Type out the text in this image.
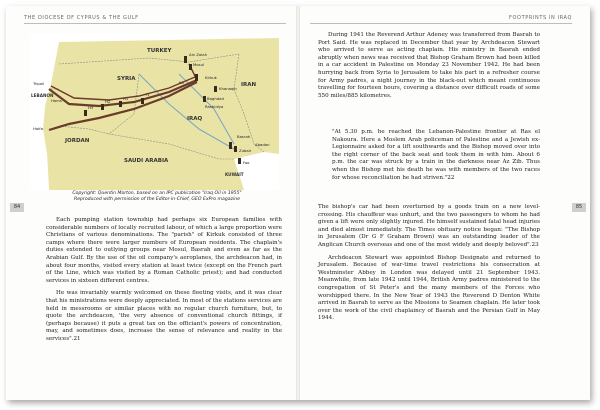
THE DIOCESE OF CYPRUS & THE GULF
TURKEY
SYRIA
LEBANON
IRAQ
IRAN
JORDAN
SAUDI ARABIA
KUWAIT
Kirkuk
Mosul
Ain Zalah
Tripoli
Homs
Haifa
Basrah
Zubair
Fao
Baghdad
Abadan
Khanaqin
Rashidiya
K3
T1
H1
H2
H3
Copyright: Quentin Morton, based on an IPC publication "Iraq Oil in 1955"
Reproduced with permission of the Editor-in-Chief, GEO ExPro magazine
84

Each pumping station township had perhaps six European families with considerable numbers of locally recruited labour, of which a large proportion were Christians of various denominations. The "parish" of Kirkuk consisted of three camps where there were larger numbers of European residents. The chaplain's duties extended to outlying groups near Mosul, Basrah and even as far as the Arabian Gulf. By the use of the oil company's aeroplanes, the archdeacon had, in about four months, visited every station at least twice (except on the French part of the Line, which was visited by a Roman Catholic priest); and had conducted services in sixteen different centres.

He was invariably warmly welcomed on these fleeting visits, and it was clear that his ministrations were deeply appreciated. In most of the stations services are held in messrooms or similar places with no regular church furniture, but, to quote the archdeacon, 'the very absence of conventional church fittings, if (perhaps because) it puts a great tax on the officiant's powers of concentration, may, and sometimes does, increase the sense of relevance and reality in the services".21

FOOTPRINTS IN IRAQ

During 1941 the Reverend Arthur Adeney was transferred from Basrah to Port Said. He was replaced in December that year by Archdeacon Stewart who arrived to serve as acting chaplain. His ministry in Basrah ended abruptly when news was received that Bishop Graham Brown had been killed in a car accident in Palestine on Monday 23 November 1942. He had been hurrying back from Syria to Jerusalem to take his part in a refresher course for Army padres, a night journey in the black-out which meant continuous travelling for fourteen hours, covering a distance over difficult roads of some 550 miles/885 kilometres.

"At 5.30 p.m. he reached the Lebanon-Palestine frontier at Ras el Nakoura. Here a Moslem Arab policeman of Palestine and a Jewish ex-Legionnaire asked for a lift southwards and the Bishop moved over into the right corner of the back seat and took them in with him. About 6 p.m. the car was struck by a train in the darkness near Az Zib. Thus when the Bishop met his death he was with members of the two races for whose reconciliation he had striven."22

85

The bishop's car had been overturned by a goods train on a new level-crossing. His chauffeur was unhurt, and the two passengers to whom he had given a lift were only slightly injured. He himself sustained fatal head injuries and died almost immediately. The Times obituary notice began: "The Bishop in Jerusalem (Dr G F Graham Brown) was an outstanding leader of the Anglican Church overseas and one of the most widely and deeply beloved".23

Archdeacon Stewart was appointed Bishop Designate and returned to Jerusalem. Because of war-time travel restrictions his consecration at Westminster Abbey in London was delayed until 21 September 1943. Meanwhile, from late 1942 until 1944, British Army padres ministered to the congregation of St Peter's and the many members of the Forces who worshipped there. In the New Year of 1943 the Reverend D Denton White arrived in Basrah to serve as the Missions to Seamen chaplain. He later took over the work of the civil chaplaincy of Basrah and the Persian Gulf in May 1944.
